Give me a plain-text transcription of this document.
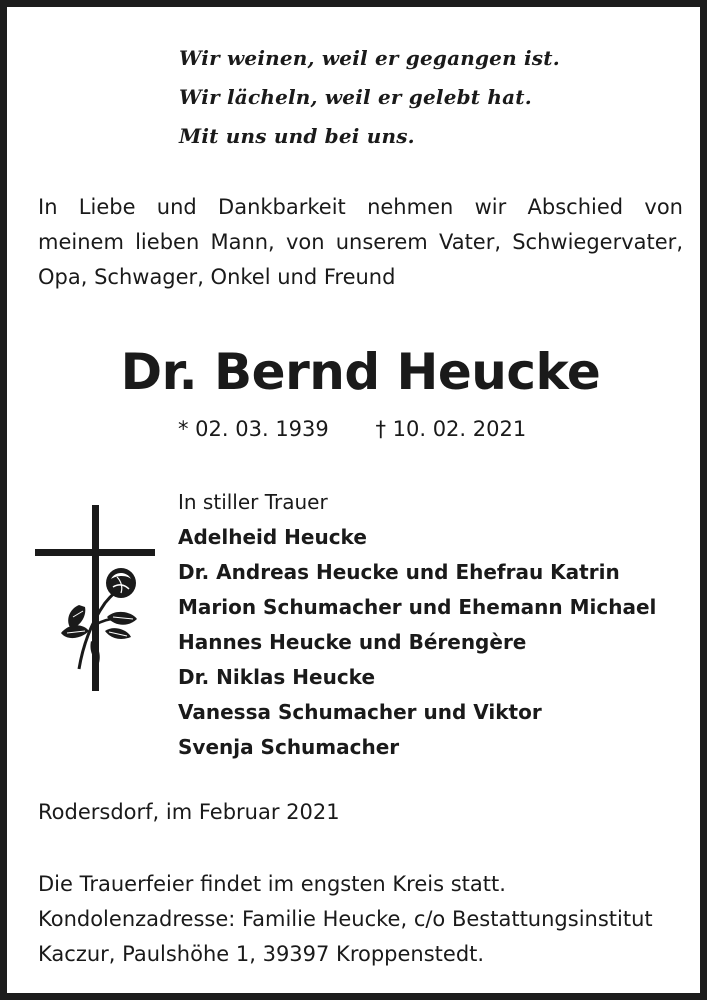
Wir weinen, weil er gegangen ist.
Wir lächeln, weil er gelebt hat.
Mit uns und bei uns.
In Liebe und Dankbarkeit nehmen wir Abschied von
meinem lieben Mann, von unserem Vater, Schwiegervater,
Opa, Schwager, Onkel und Freund
Dr. Bernd Heucke
* 02. 03. 1939 † 10. 02. 2021
In stiller Trauer
Adelheid Heucke
Dr. Andreas Heucke und Ehefrau Katrin
Marion Schumacher und Ehemann Michael
Hannes Heucke und Bérengère
Dr. Niklas Heucke
Vanessa Schumacher und Viktor
Svenja Schumacher
Rodersdorf, im Februar 2021
Die Trauerfeier findet im engsten Kreis statt.
Kondolenzadresse: Familie Heucke, c/o Bestattungsinstitut
Kaczur, Paulshöhe 1, 39397 Kroppenstedt.
